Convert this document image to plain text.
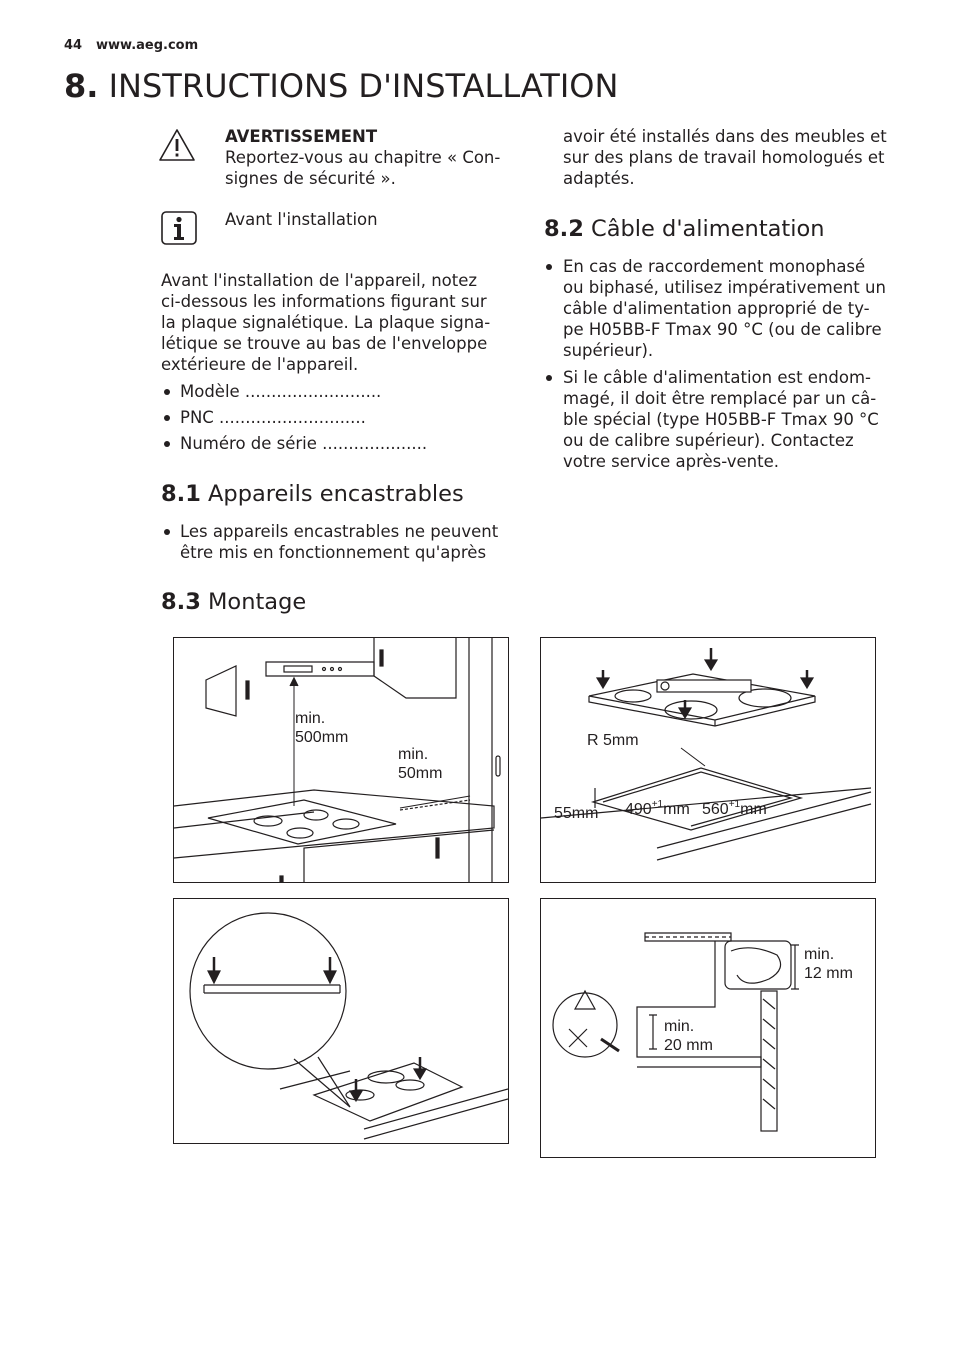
44 www.aeg.com
8. INSTRUCTIONS D'INSTALLATION
AVERTISSEMENT
Reportez-vous au chapitre « Con-
signes de sécurité ».
Avant l'installation
Avant l'installation de l'appareil, notez
ci-dessous les informations figurant sur
la plaque signalétique. La plaque signa-
létique se trouve au bas de l'enveloppe
extérieure de l'appareil.
Modèle ..........................
PNC ............................
Numéro de série ....................
8.1 Appareils encastrables
Les appareils encastrables ne peuvent
être mis en fonctionnement qu'après
avoir été installés dans des meubles et
sur des plans de travail homologués et
adaptés.
8.2 Câble d'alimentation
En cas de raccordement monophasé
ou biphasé, utilisez impérativement un
câble d'alimentation approprié de ty-
pe H05BB-F Tmax 90 °C (ou de calibre
supérieur).
Si le câble d'alimentation est endom-
magé, il doit être remplacé par un câ-
ble spécial (type H05BB-F Tmax 90 °C
ou de calibre supérieur). Contactez
votre service après-vente.
8.3 Montage
min.
500mm
min.
50mm
R 5mm
55mm $490^{+1}mm$ $560^{+1}mm$
min.
12 mm
min.
20 mm
